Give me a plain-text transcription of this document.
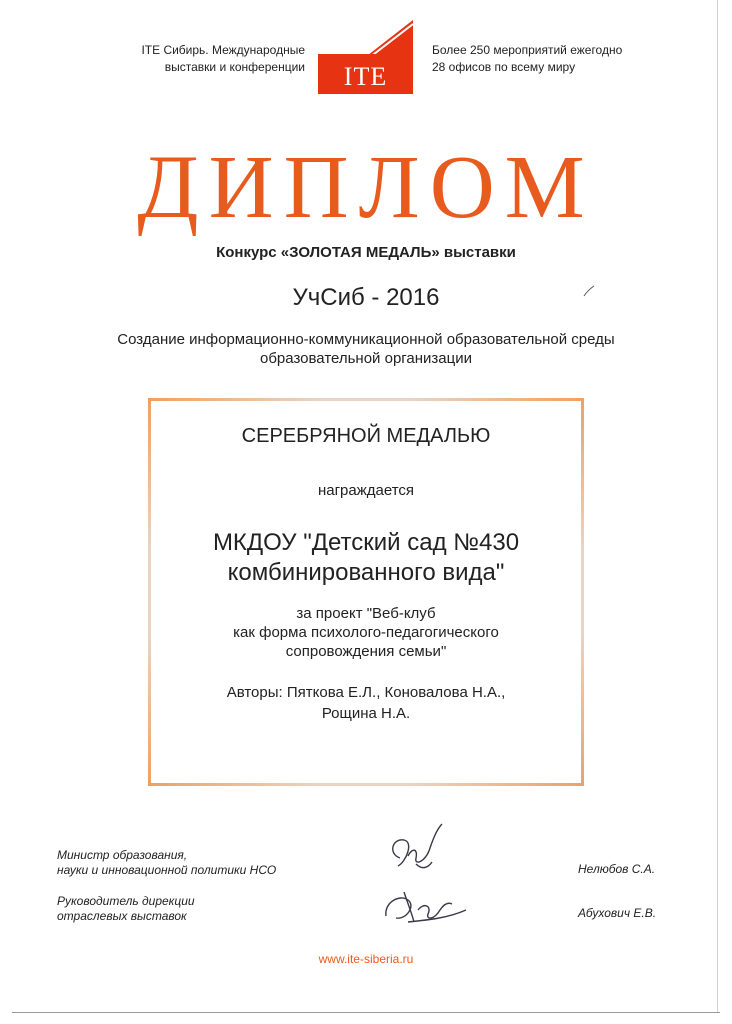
ITE Сибирь. Международные
выставки и конференции	ITE
Более 250 мероприятий ежегодно
28 офисов по всему миру
ДИПЛОМ
Конкурс «ЗОЛОТАЯ МЕДАЛЬ» выставки
УчСиб - 2016
Создание информационно-коммуникационной образовательной среды
образовательной организации
СЕРЕБРЯНОЙ МЕДАЛЬЮ
награждается
МКДОУ "Детский сад №430
комбинированного вида"
за проект "Веб-клуб
как форма психолого-педагогического
сопровождения семьи"
Авторы: Пяткова Е.Л., Коновалова Н.А.,
Рощина Н.А.
Министр образования,
науки и инновационной политики НСО	Нелюбов С.А.
Руководитель дирекции
отраслевых выставок	Абухович Е.В.
www.ite-siberia.ru
